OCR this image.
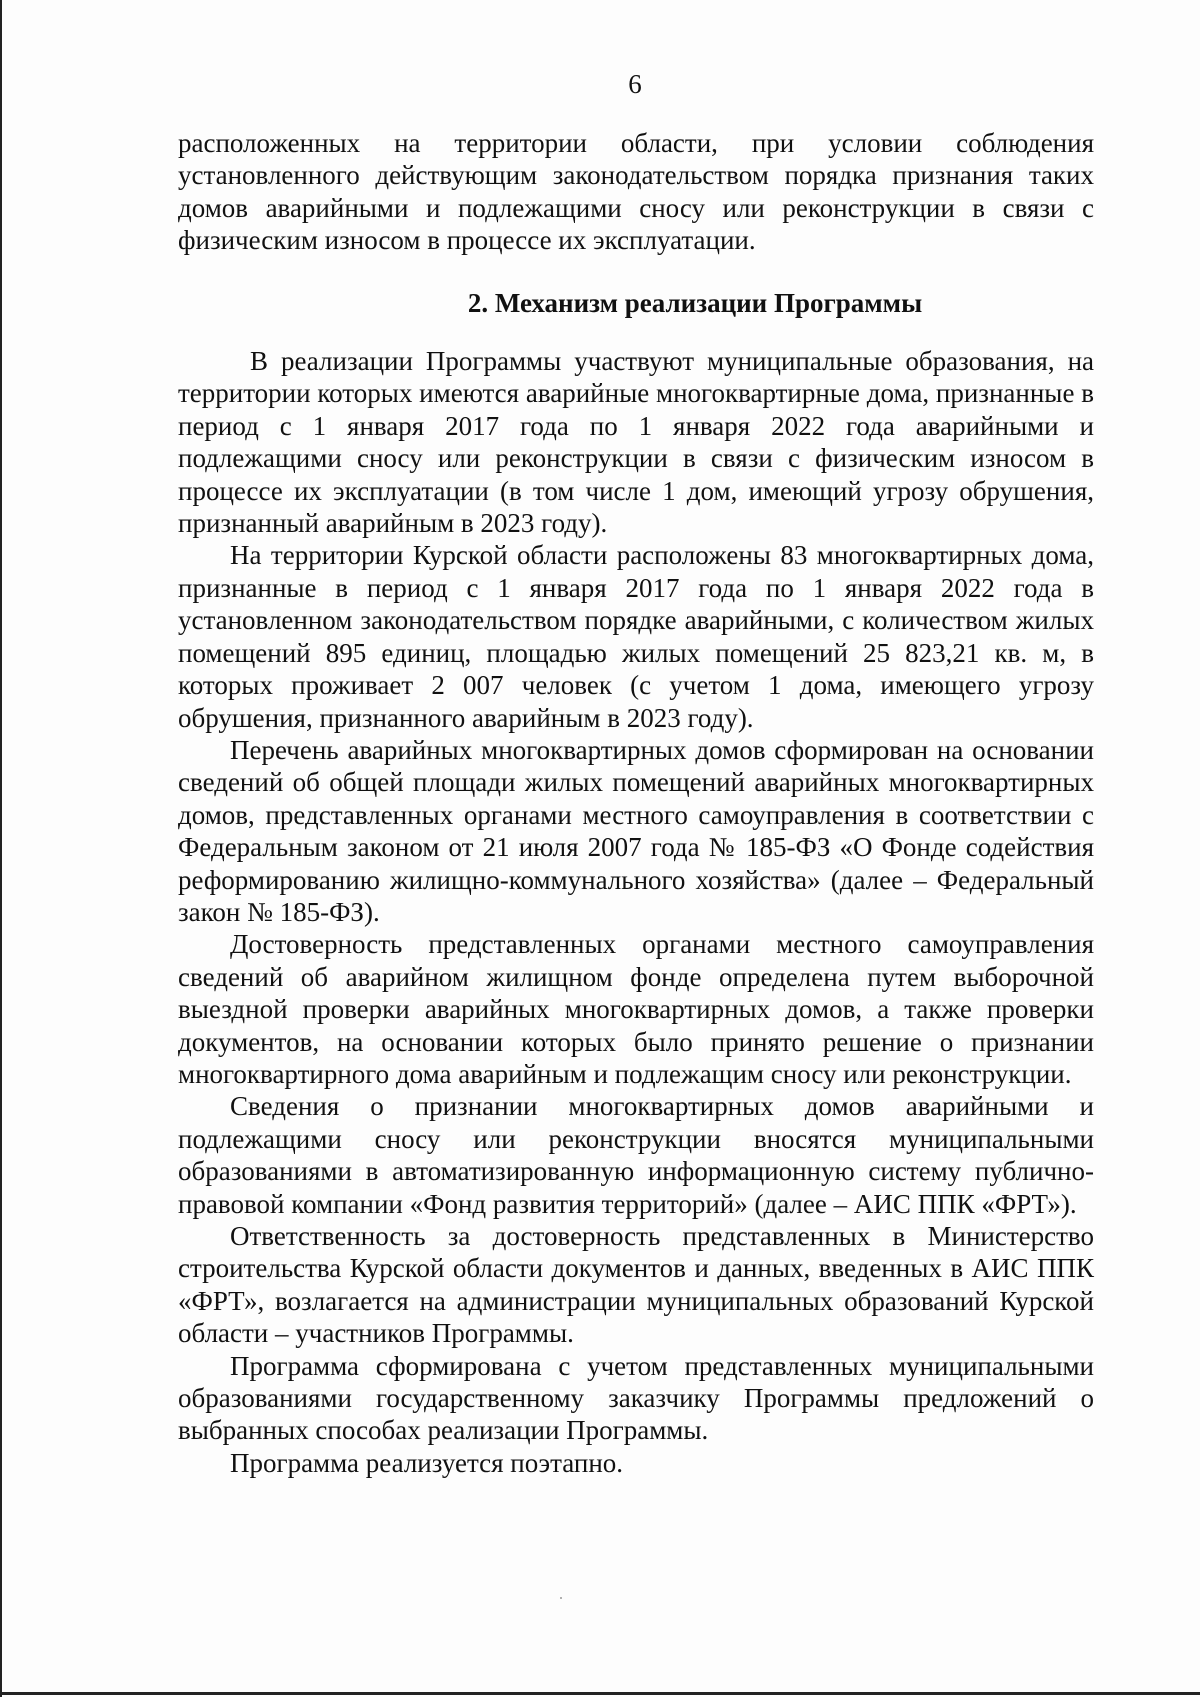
6

расположенных на территории области, при условии соблюдения установленного действующим законодательством порядка признания таких домов аварийными и подлежащими сносу или реконструкции в связи с физическим износом в процессе их эксплуатации.

2. Механизм реализации Программы

В реализации Программы участвуют муниципальные образования, на территории которых имеются аварийные многоквартирные дома, признанные в период с 1 января 2017 года по 1 января 2022 года аварийными и подлежащими сносу или реконструкции в связи с физическим износом в процессе их эксплуатации (в том числе 1 дом, имеющий угрозу обрушения, признанный аварийным в 2023 году).

На территории Курской области расположены 83 многоквартирных дома, признанные в период с 1 января 2017 года по 1 января 2022 года в установленном законодательством порядке аварийными, с количеством жилых помещений 895 единиц, площадью жилых помещений 25 823,21 кв. м, в которых проживает 2 007 человек (с учетом 1 дома, имеющего угрозу обрушения, признанного аварийным в 2023 году).

Перечень аварийных многоквартирных домов сформирован на основании сведений об общей площади жилых помещений аварийных многоквартирных домов, представленных органами местного самоуправления в соответствии с Федеральным законом от 21 июля 2007 года № 185-ФЗ «О Фонде содействия реформированию жилищно-коммунального хозяйства» (далее – Федеральный закон № 185-ФЗ).

Достоверность представленных органами местного самоуправления сведений об аварийном жилищном фонде определена путем выборочной выездной проверки аварийных многоквартирных домов, а также проверки документов, на основании которых было принято решение о признании многоквартирного дома аварийным и подлежащим сносу или реконструкции.

Сведения о признании многоквартирных домов аварийными и подлежащими сносу или реконструкции вносятся муниципальными образованиями в автоматизированную информационную систему публично-правовой компании «Фонд развития территорий» (далее – АИС ППК «ФРТ»).

Ответственность за достоверность представленных в Министерство строительства Курской области документов и данных, введенных в АИС ППК «ФРТ», возлагается на администрации муниципальных образований Курской области – участников Программы.

Программа сформирована с учетом представленных муниципальными образованиями государственному заказчику Программы предложений о выбранных способах реализации Программы.

Программа реализуется поэтапно.
